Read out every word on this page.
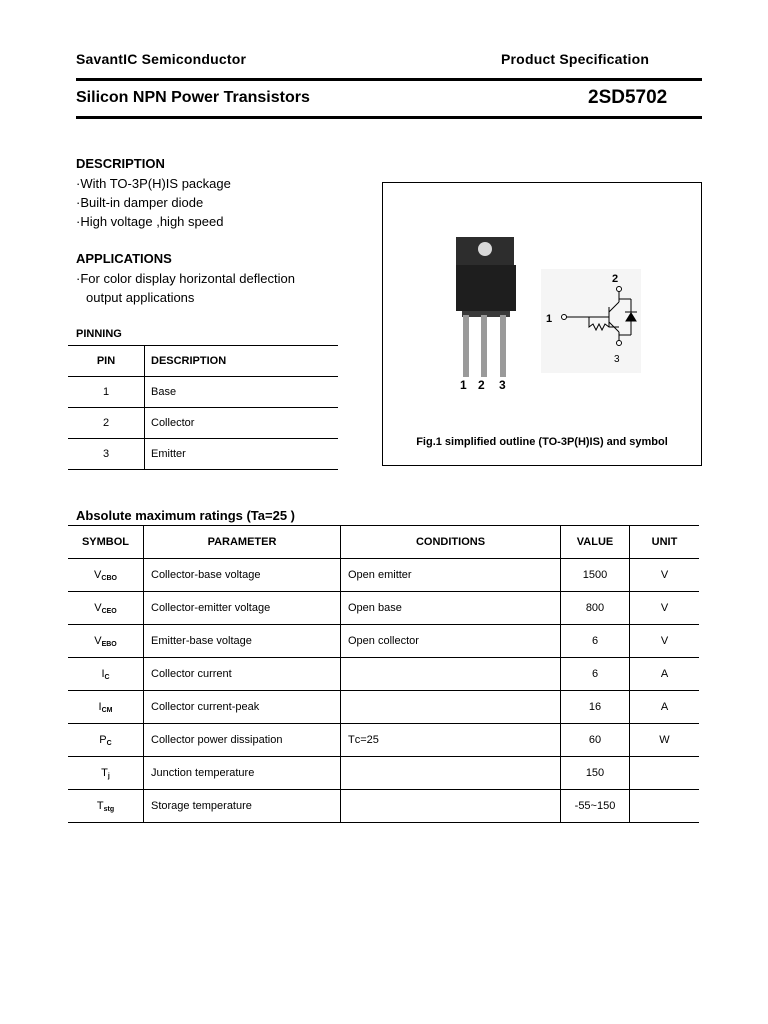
SavantIC Semiconductor	Product Specification
Silicon NPN Power Transistors	2SD5702
DESCRIPTION
·With TO-3P(H)IS package
·Built-in damper diode
·High voltage ,high speed
APPLICATIONS
·For color display horizontal deflection
output applications
PINNING
PIN	DESCRIPTION
1	Base
2	Collector
3	Emitter
1 2 3
2
1
3
Fig.1 simplified outline (TO-3P(H)IS) and symbol
Absolute maximum ratings (Ta=25 )
SYMBOL	PARAMETER	CONDITIONS	VALUE	UNIT
$V_{CBO}$	Collector-base voltage	Open emitter	1500	V
$V_{CEO}$	Collector-emitter voltage	Open base	800	V
$V_{EBO}$	Emitter-base voltage	Open collector	6	V
$I_C$	Collector current		6	A
$I_{CM}$	Collector current-peak		16	A
$P_C$	Collector power dissipation	Tᴄ=25	60	W
$T_j$	Junction temperature		150	
$T_{stg}$	Storage temperature		-55~150	
